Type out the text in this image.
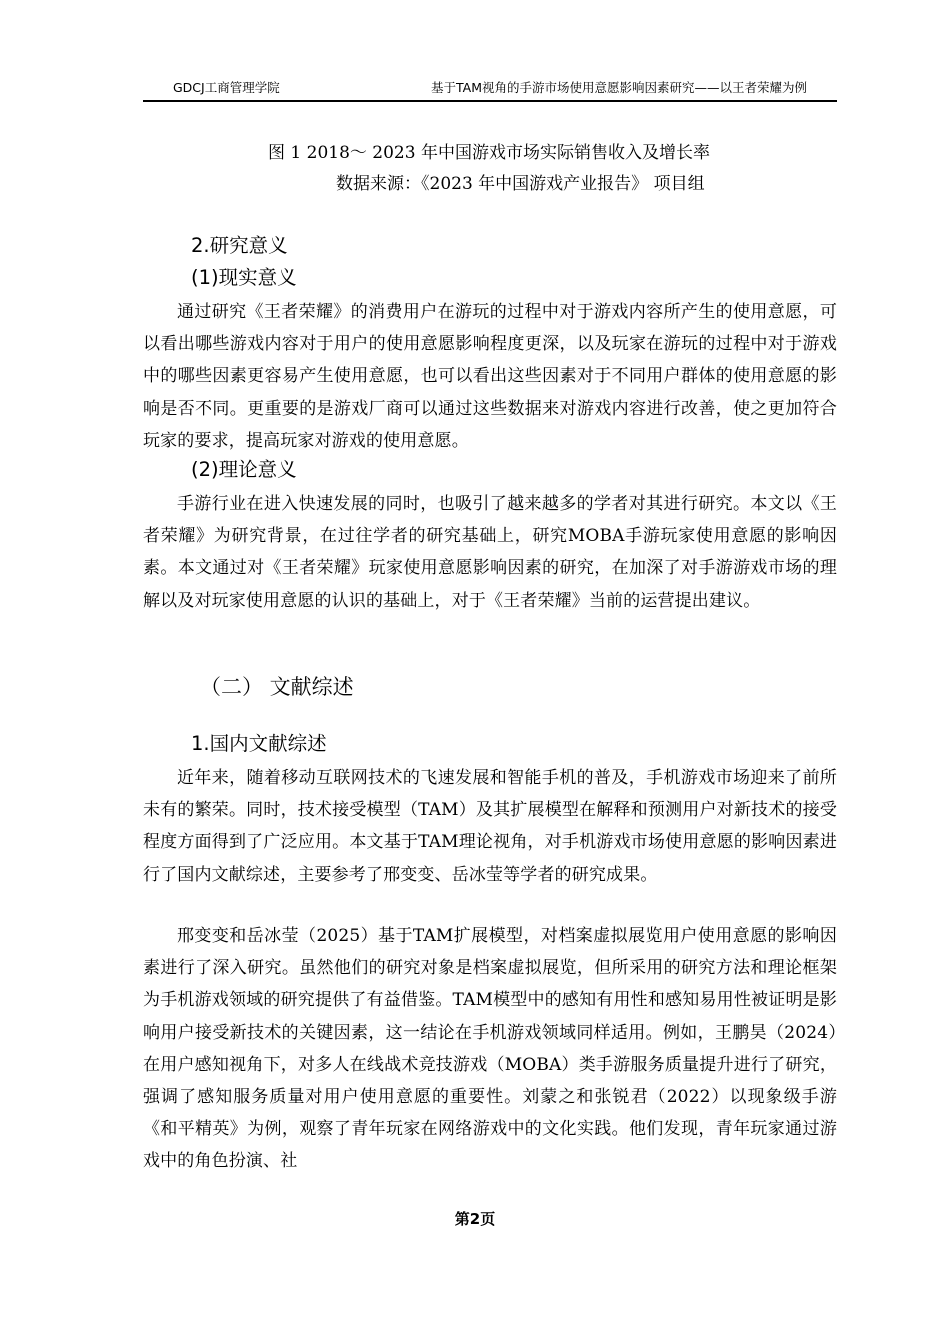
GDCJ工商管理学院	基于TAM视角的手游市场使用意愿影响因素研究——以王者荣耀为例
图 1 2018～ 2023 年中国游戏市场实际销售收入及增长率
数据来源：《2023 年中国游戏产业报告》 项目组
2.研究意义
(1)现实意义
通过研究《王者荣耀》的消费用户在游玩的过程中对于游戏内容所产生的使用意愿，可以看出哪些游戏内容对于用户的使用意愿影响程度更深，以及玩家在游玩的过程中对于游戏中的哪些因素更容易产生使用意愿，也可以看出这些因素对于不同用户群体的使用意愿的影响是否不同。更重要的是游戏厂商可以通过这些数据来对游戏内容进行改善，使之更加符合玩家的要求，提高玩家对游戏的使用意愿。
(2)理论意义
手游行业在进入快速发展的同时，也吸引了越来越多的学者对其进行研究。本文以《王者荣耀》为研究背景，在过往学者的研究基础上，研究MOBA手游玩家使用意愿的影响因素。本文通过对《王者荣耀》玩家使用意愿影响因素的研究，在加深了对手游游戏市场的理解以及对玩家使用意愿的认识的基础上，对于《王者荣耀》当前的运营提出建议。
（二） 文献综述
1.国内文献综述
近年来，随着移动互联网技术的飞速发展和智能手机的普及，手机游戏市场迎来了前所未有的繁荣。同时，技术接受模型（TAM）及其扩展模型在解释和预测用户对新技术的接受程度方面得到了广泛应用。本文基于TAM理论视角，对手机游戏市场使用意愿的影响因素进行了国内文献综述，主要参考了邢变变、岳冰莹等学者的研究成果。
邢变变和岳冰莹（2025）基于TAM扩展模型，对档案虚拟展览用户使用意愿的影响因素进行了深入研究。虽然他们的研究对象是档案虚拟展览，但所采用的研究方法和理论框架为手机游戏领域的研究提供了有益借鉴。TAM模型中的感知有用性和感知易用性被证明是影响用户接受新技术的关键因素，这一结论在手机游戏领域同样适用。例如，王鹏昊（2024）在用户感知视角下，对多人在线战术竞技游戏（MOBA）类手游服务质量提升进行了研究，强调了感知服务质量对用户使用意愿的重要性。刘蒙之和张锐君（2022）以现象级手游《和平精英》为例，观察了青年玩家在网络游戏中的文化实践。他们发现，青年玩家通过游戏中的角色扮演、社
第2页
